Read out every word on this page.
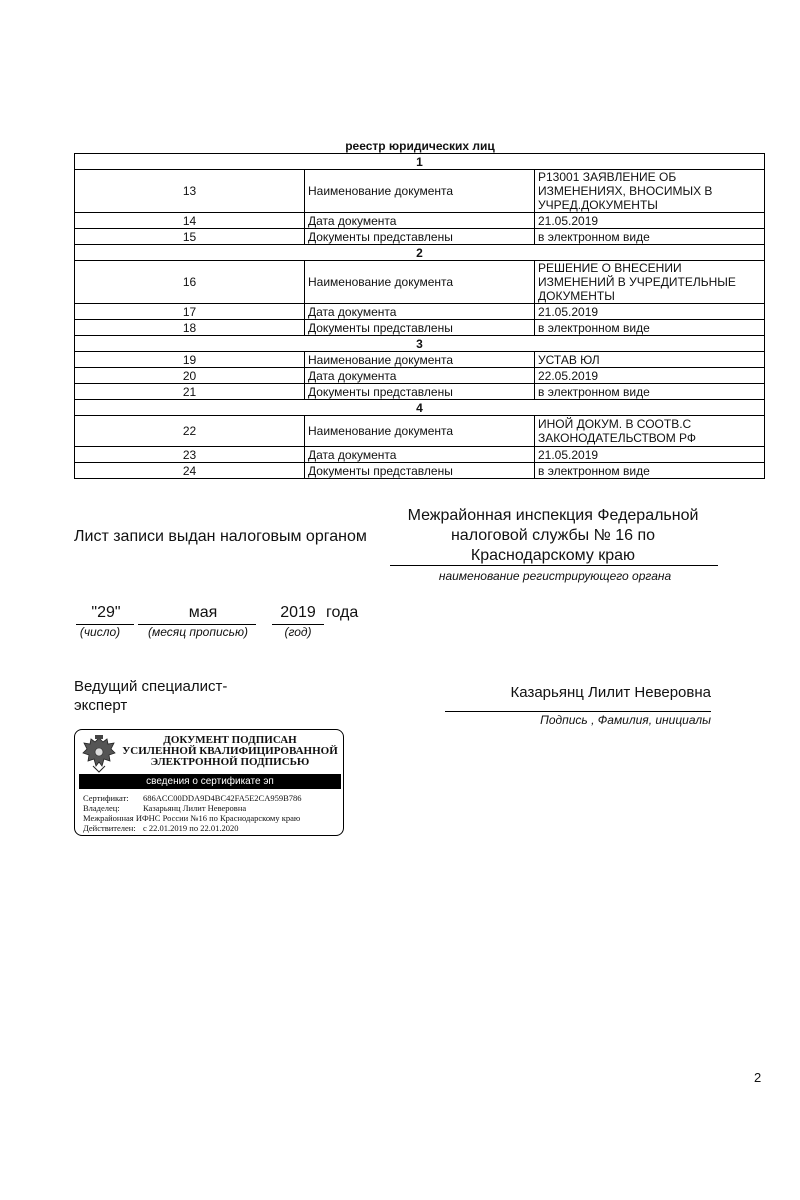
реестр юридических лиц
1		
13	Наименование документа	Р13001 ЗАЯВЛЕНИЕ ОБ ИЗМЕНЕНИЯХ, ВНОСИМЫХ В УЧРЕД.ДОКУМЕНТЫ
14	Дата документа	21.05.2019
15	Документы представлены	в электронном виде
2		
16	Наименование документа	РЕШЕНИЕ О ВНЕСЕНИИ ИЗМЕНЕНИЙ В УЧРЕДИТЕЛЬНЫЕ ДОКУМЕНТЫ
17	Дата документа	21.05.2019
18	Документы представлены	в электронном виде
3		
19	Наименование документа	УСТАВ ЮЛ
20	Дата документа	22.05.2019
21	Документы представлены	в электронном виде
4		
22	Наименование документа	ИНОЙ ДОКУМ. В СООТВ.С ЗАКОНОДАТЕЛЬСТВОМ РФ
23	Дата документа	21.05.2019
24	Документы представлены	в электронном виде
Лист записи выдан налоговым органом
Межрайонная инспекция Федеральной налоговой службы № 16 по Краснодарскому краю
наименование регистрирующего органа
"29"
(число)
мая
(месяц прописью)
2019
(год)
года
Ведущий специалист-эксперт
Казарьянц Лилит Неверовна
Подпись , Фамилия, инициалы
ДОКУМЕНТ ПОДПИСАН
УСИЛЕННОЙ КВАЛИФИЦИРОВАННОЙ
ЭЛЕКТРОННОЙ ПОДПИСЬЮ
сведения о сертификате эп
Сертификат: 686ACC00DDA9D4BC42FA5E2CA959B786
Владелец:	Казарьянц Лилит Неверовна
Межрайонная ИФНС России №16 по Краснодарскому краю
Действителен: с 22.01.2019 по 22.01.2020
2
